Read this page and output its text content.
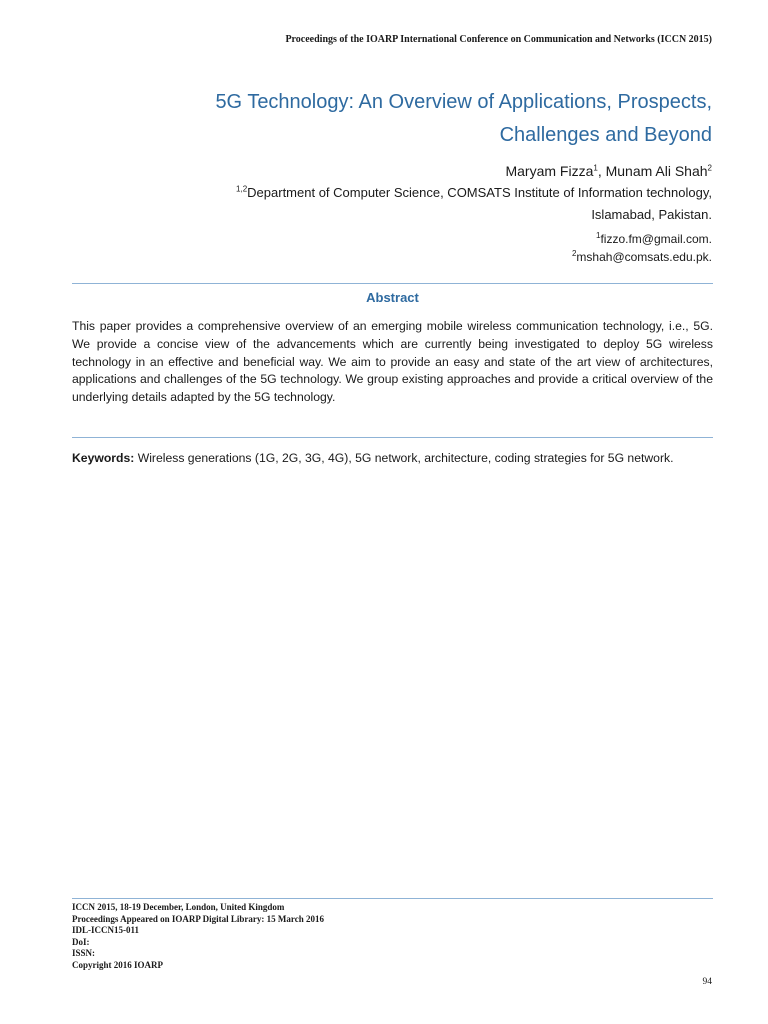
Proceedings of the IOARP International Conference on Communication and Networks (ICCN 2015)
5G Technology: An Overview of Applications, Prospects,
Challenges and Beyond
Maryam Fizza$^1$, Munam Ali Shah$^2$
$^{1,2}$Department of Computer Science, COMSATS Institute of Information technology,
Islamabad, Pakistan.
$^1$fizzo.fm@gmail.com.
$^2$mshah@comsats.edu.pk.
Abstract
This paper provides a comprehensive overview of an emerging mobile wireless communication technology, i.e., 5G. We provide a concise view of the advancements which are currently being investigated to deploy 5G wireless technology in an effective and beneficial way. We aim to provide an easy and state of the art view of architectures, applications and challenges of the 5G technology. We group existing approaches and provide a critical overview of the underlying details adapted by the 5G technology.
Keywords: Wireless generations (1G, 2G, 3G, 4G), 5G network, architecture, coding strategies for 5G network.
ICCN 2015, 18-19 December, London, United Kingdom
Proceedings Appeared on IOARP Digital Library: 15 March 2016
IDL-ICCN15-011
DoI:
ISSN:
Copyright 2016 IOARP
94
